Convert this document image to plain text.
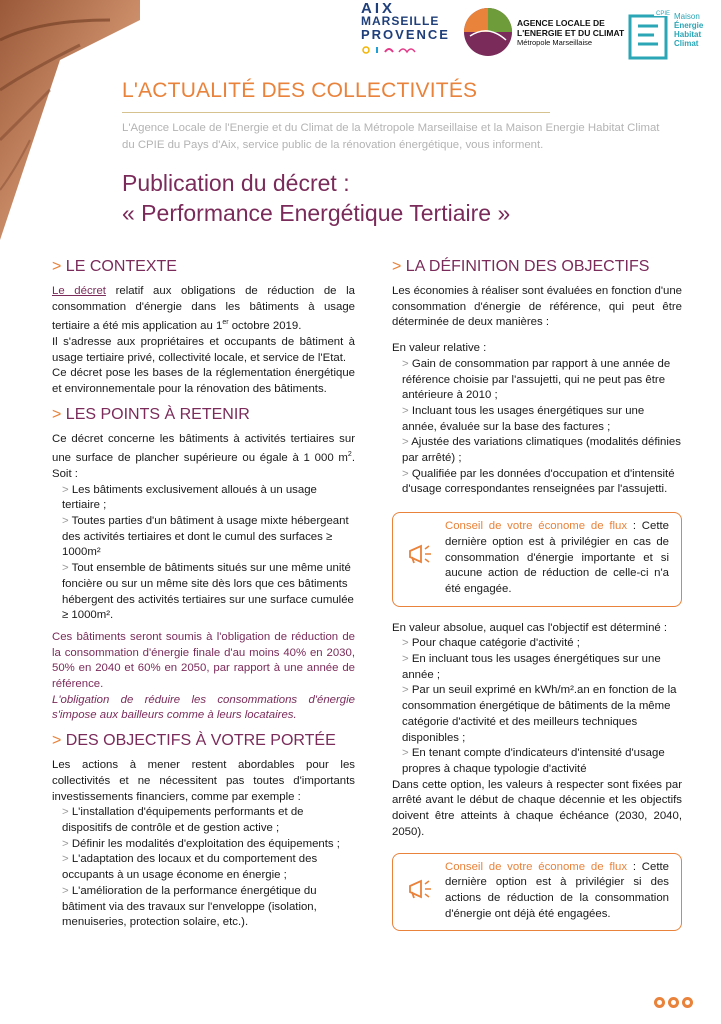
AIX
MARSEILLE
PROVENCE
AGENCE LOCALE DE
L'ENERGIE ET DU CLIMAT
Métropole Marseillaise
CPIE Maison
Énergie
Habitat
Climat
L'ACTUALITÉ DES COLLECTIVITÉS
L'Agence Locale de l'Energie et du Climat de la Métropole Marseillaise et la Maison Energie Habitat Climat du CPIE du Pays d'Aix, service public de la rénovation énergétique, vous informent.
Publication du décret :
« Performance Energétique Tertiaire »
> LE CONTEXTE

Le décret relatif aux obligations de réduction de la consommation d'énergie dans les bâtiments à usage tertiaire a été mis application au 1er octobre 2019.

Il s'adresse aux propriétaires et occupants de bâtiment à usage tertiaire privé, collectivité locale, et service de l'Etat.

Ce décret pose les bases de la réglementation énergétique et environnementale pour la rénovation des bâtiments.

> LES POINTS À RETENIR

Ce décret concerne les bâtiments à activités tertiaires sur une surface de plancher supérieure ou égale à 1 000 $m^2$. Soit :

> Les bâtiments exclusivement alloués à un usage tertiaire ;

> Toutes parties d'un bâtiment à usage mixte hébergeant des activités tertiaires et dont le cumul des surfaces ≥ 1000m²

> Tout ensemble de bâtiments situés sur une même unité foncière ou sur un même site dès lors que ces bâtiments hébergent des activités tertiaires sur une surface cumulée ≥ 1000m².

Ces bâtiments seront soumis à l'obligation de réduction de la consommation d'énergie finale d'au moins 40% en 2030, 50% en 2040 et 60% en 2050, par rapport à une année de référence.

L'obligation de réduire les consommations d'énergie s'impose aux bailleurs comme à leurs locataires.

> DES OBJECTIFS À VOTRE PORTÉE

Les actions à mener restent abordables pour les collectivités et ne nécessitent pas toutes d'importants investissements financiers, comme par exemple :

> L'installation d'équipements performants et de dispositifs de contrôle et de gestion active ;

> Définir les modalités d'exploitation des équipements ;

> L'adaptation des locaux et du comportement des occupants à un usage économe en énergie ;

> L'amélioration de la performance énergétique du bâtiment via des travaux sur l'enveloppe (isolation, menuiseries, protection solaire, etc.).

> LA DÉFINITION DES OBJECTIFS

Les économies à réaliser sont évaluées en fonction d'une consommation d'énergie de référence, qui peut être déterminée de deux manières :

En valeur relative :

> Gain de consommation par rapport à une année de référence choisie par l'assujetti, qui ne peut pas être antérieure à 2010 ;

> Incluant tous les usages énergétiques sur une année, évaluée sur la base des factures ;

> Ajustée des variations climatiques (modalités définies par arrêté) ;

> Qualifiée par les données d'occupation et d'intensité d'usage correspondantes renseignées par l'assujetti.

Conseil de votre économe de flux : Cette dernière option est à privilégier en cas de consommation d'énergie importante et si aucune action de réduction de celle-ci n'a été engagée.

En valeur absolue, auquel cas l'objectif est déterminé :

> Pour chaque catégorie d'activité ;

> En incluant tous les usages énergétiques sur une année ;

> Par un seuil exprimé en kWh/m².an en fonction de la consommation énergétique de bâtiments de la même catégorie d'activité et des meilleurs techniques disponibles ;

> En tenant compte d'indicateurs d'intensité d'usage propres à chaque typologie d'activité

Dans cette option, les valeurs à respecter sont fixées par arrêté avant le début de chaque décennie et les objectifs doivent être atteints à chaque échéance (2030, 2040, 2050).

Conseil de votre économe de flux : Cette dernière option est à privilégier si des actions de réduction de la consommation d'énergie ont déjà été engagées.
